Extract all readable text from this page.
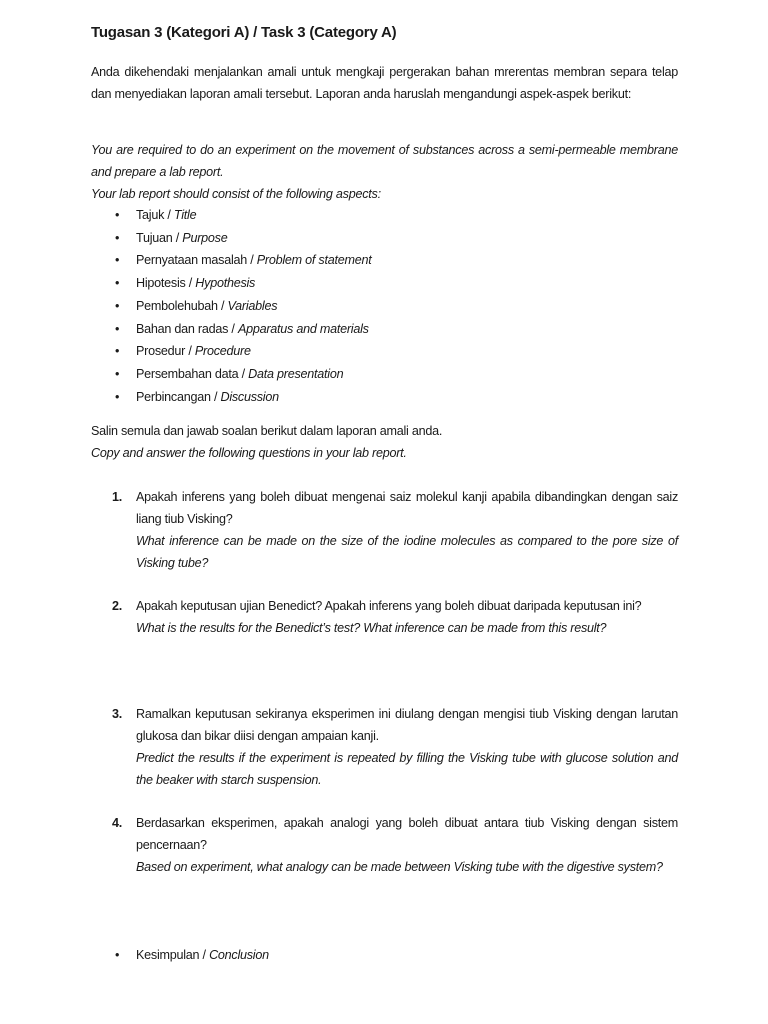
Tugasan 3 (Kategori A) / Task 3 (Category A)
Anda dikehendaki menjalankan amali untuk mengkaji pergerakan bahan mrerentas membran separa telap dan menyediakan laporan amali tersebut. Laporan anda haruslah mengandungi aspek-aspek berikut:
You are required to do an experiment on the movement of substances across a semi-permeable membrane and prepare a lab report.
Your lab report should consist of the following aspects:
• Tajuk / Title
• Tujuan / Purpose
• Pernyataan masalah / Problem of statement
• Hipotesis / Hypothesis
• Pembolehubah / Variables
• Bahan dan radas / Apparatus and materials
• Prosedur / Procedure
• Persembahan data / Data presentation
• Perbincangan / Discussion
Salin semula dan jawab soalan berikut dalam laporan amali anda.
Copy and answer the following questions in your lab report.
1. Apakah inferens yang boleh dibuat mengenai saiz molekul kanji apabila dibandingkan dengan saiz liang tiub Visking?
What inference can be made on the size of the iodine molecules as compared to the pore size of Visking tube?
2. Apakah keputusan ujian Benedict? Apakah inferens yang boleh dibuat daripada keputusan ini?
What is the results for the Benedict’s test? What inference can be made from this result?
3. Ramalkan keputusan sekiranya eksperimen ini diulang dengan mengisi tiub Visking dengan larutan glukosa dan bikar diisi dengan ampaian kanji.
Predict the results if the experiment is repeated by filling the Visking tube with glucose solution and the beaker with starch suspension.
4. Berdasarkan eksperimen, apakah analogi yang boleh dibuat antara tiub Visking dengan sistem pencernaan?
Based on experiment, what analogy can be made between Visking tube with the digestive system?
• Kesimpulan / Conclusion
